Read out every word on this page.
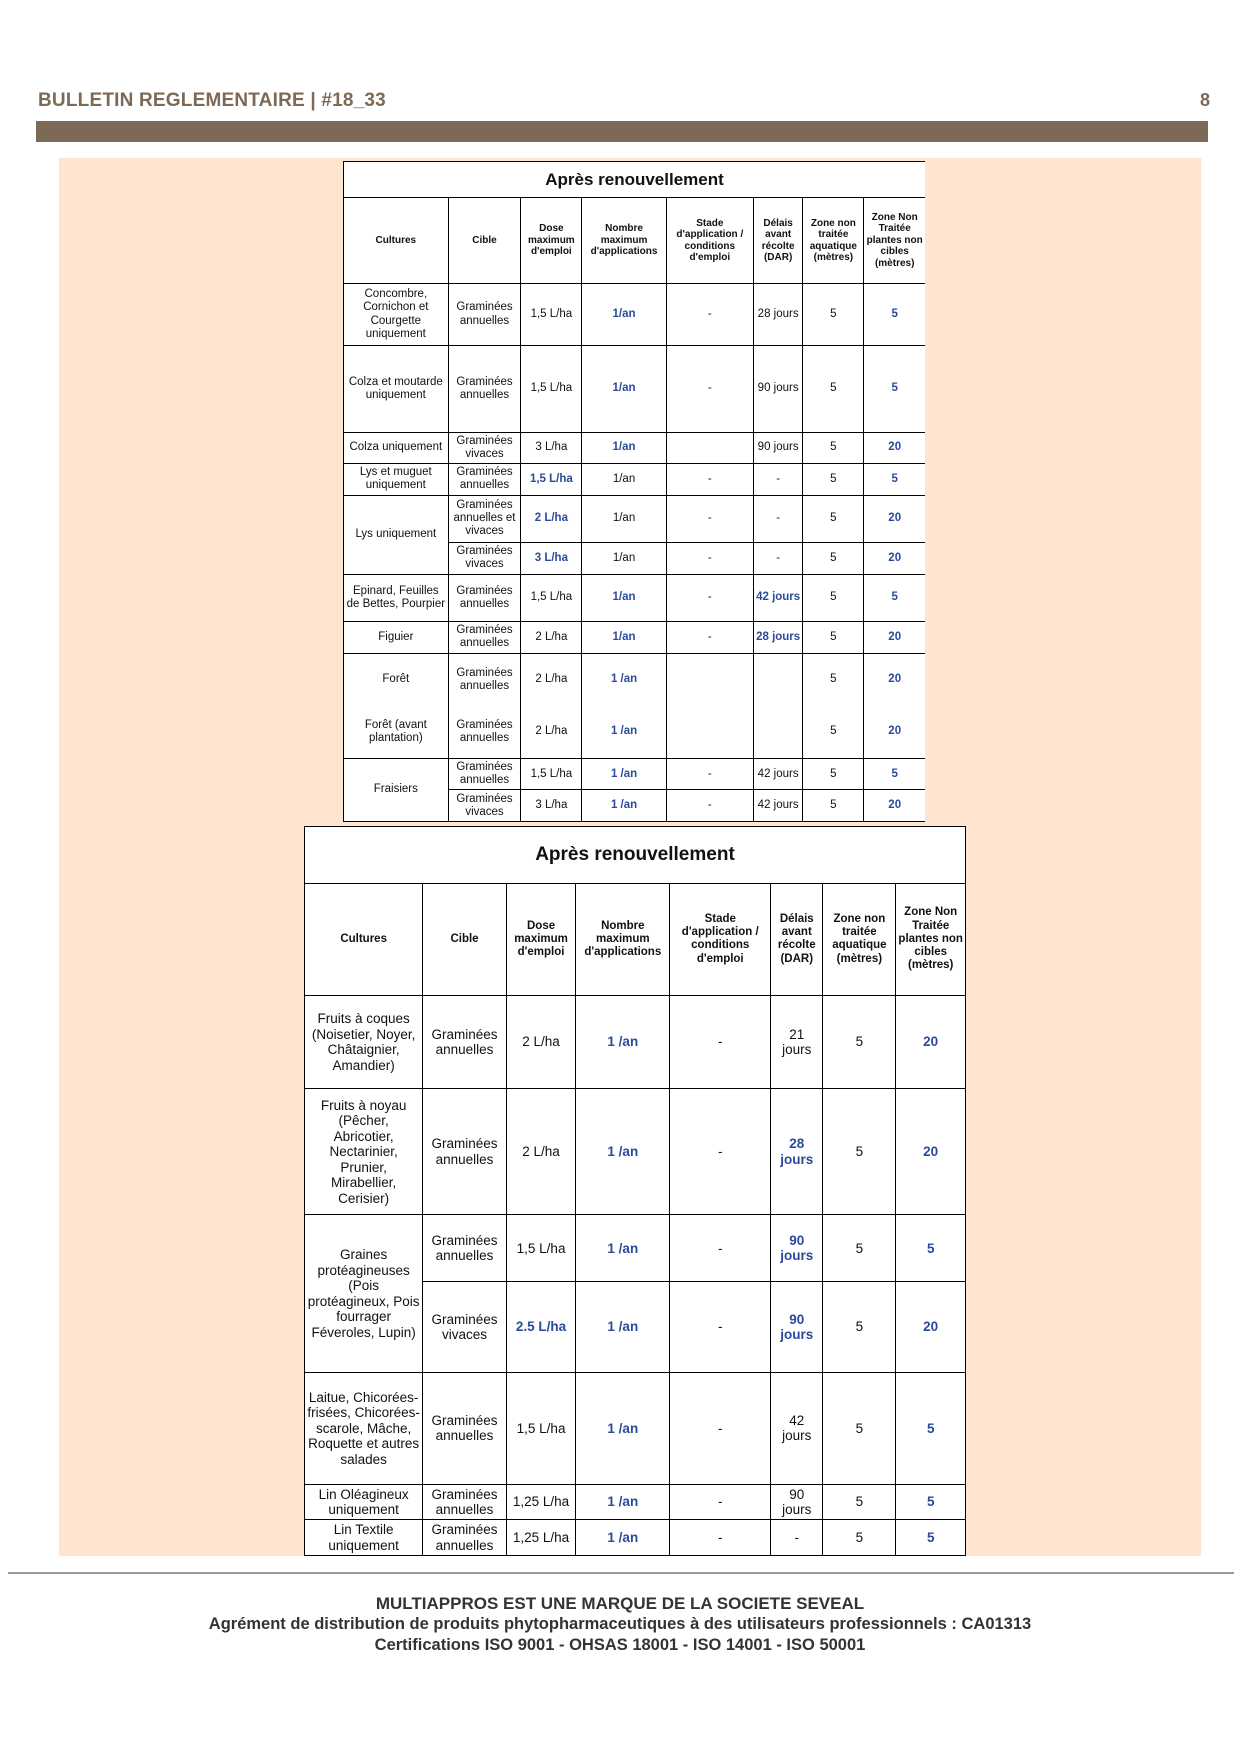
BULLETIN REGLEMENTAIRE | #18_33	8
Après renouvellement							
Cultures	Cible	Dose maximum d'emploi	Nombre maximum d'applications	Stade d'application / conditions d'emploi	Délais avant récolte (DAR)	Zone non traitée aquatique (mètres)	Zone Non Traitée plantes non cibles (mètres)
Concombre, Cornichon et Courgette uniquement	Graminées annuelles	1,5 L/ha	1/an	-	28 jours	5	5
Colza et moutarde uniquement	Graminées annuelles	1,5 L/ha	1/an	-	90 jours	5	5
Colza uniquement	Graminées vivaces	3 L/ha	1/an		90 jours	5	20
Lys et muguet uniquement	Graminées annuelles	1,5 L/ha	1/an	-	-	5	5
Lys uniquement	Graminées annuelles et vivaces	2 L/ha	1/an	-	-	5	20
	Graminées vivaces	3 L/ha	1/an	-	-	5	20
Epinard, Feuilles de Bettes, Pourpier	Graminées annuelles	1,5 L/ha	1/an	-	42 jours	5	5
Figuier	Graminées annuelles	2 L/ha	1/an	-	28 jours	5	20
Forêt	Graminées annuelles	2 L/ha	1 /an			5	20
Forêt (avant plantation)	Graminées annuelles	2 L/ha	1 /an			5	20
Fraisiers	Graminées annuelles	1,5 L/ha	1 /an	-	42 jours	5	5
	Graminées vivaces	3 L/ha	1 /an	-	42 jours	5	20
Après renouvellement							
Cultures	Cible	Dose maximum d'emploi	Nombre maximum d'applications	Stade d'application / conditions d'emploi	Délais avant récolte (DAR)	Zone non traitée aquatique (mètres)	Zone Non Traitée plantes non cibles (mètres)
Fruits à coques (Noisetier, Noyer, Châtaignier, Amandier)	Graminées annuelles	2 L/ha	1 /an	-	21 jours	5	20
Fruits à noyau (Pêcher, Abricotier, Nectarinier, Prunier, Mirabellier, Cerisier)	Graminées annuelles	2 L/ha	1 /an	-	28 jours	5	20
Graines protéagineuses (Pois protéagineux, Pois fourrager Féveroles, Lupin)	Graminées annuelles	1,5 L/ha	1 /an	-	90 jours	5	5
	Graminées vivaces	2.5 L/ha	1 /an	-	90 jours	5	20
Laitue, Chicorées-frisées, Chicorées-scarole, Mâche, Roquette et autres salades	Graminées annuelles	1,5 L/ha	1 /an	-	42 jours	5	5
Lin Oléagineux uniquement	Graminées annuelles	1,25 L/ha	1 /an	-	90 jours	5	5
Lin Textile uniquement	Graminées annuelles	1,25 L/ha	1 /an	-	-	5	5
MULTIAPPROS EST UNE MARQUE DE LA SOCIETE SEVEAL
Agrément de distribution de produits phytopharmaceutiques à des utilisateurs professionnels : CA01313
Certifications ISO 9001 - OHSAS 18001 - ISO 14001 - ISO 50001
